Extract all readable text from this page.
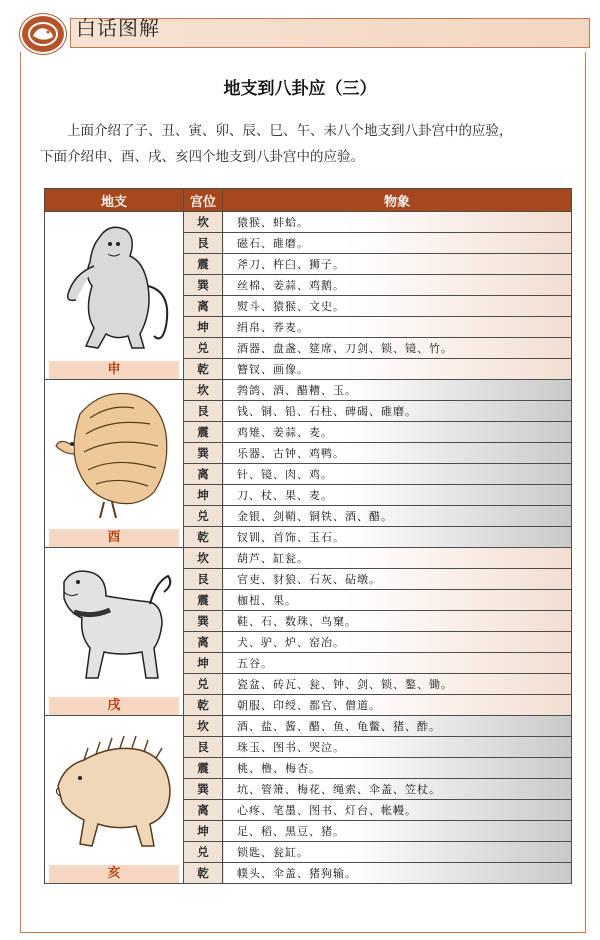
白话图解
地支到八卦应（三）

上面介绍了子、丑、寅、卯、辰、巳、午、未八个地支到八卦宫中的应验，

下面介绍申、酉、戌、亥四个地支到八卦宫中的应验。
地支	宫位	物象

申	坎	猿猴、蚌蛤。
	艮	磁石、碓磨。
	震	斧刀、杵臼、狮子。
	巽	丝棉、姜蒜、鸡鹅。
	离	熨斗、猿猴、文史。
	坤	绢帛、荞麦。
	兑	酒器、盘盏、筵席、刀剑、锁、镜、竹。
	乾	簪钗、画像。

酉	坎	鹁鸽、酒、醋糟、玉。
	艮	钱、铜、铅、石柱、碑碣、碓磨。
	震	鸡雉、姜蒜、麦。
	巽	乐器、古钟、鸡鸭。
	离	针、镜、肉、鸡。
	坤	刀、杖、果、麦。
	兑	金银、剑鞘、铜铁、酒、醋。
	乾	钗钏、首饰、玉石。

戌	坎	葫芦、缸瓮。
	艮	官吏、豺狼、石灰、砧墩。
	震	枷杻、果。
	巽	鞋、石、数珠、鸟窠。
	离	犬、驴、炉、窑冶。
	坤	五谷。
	兑	瓷盆、砖瓦、瓮、钟、剑、锁、鏊、锄。
	乾	朝服、印绶、都官、僧道。

亥	坎	酒、盐、酱、醋、鱼、龟鳖、猪、酢。
	艮	珠玉、图书、哭泣。
	震	桃、橹、梅杏。
	巽	坑、管箫、梅花、绳索、伞盖、笠杖。
	离	心疼、笔墨、图书、灯台、帐幔。
	坤	足、稻、黑豆、猪。
	兑	锁匙、瓮缸。
	乾	幞头、伞盖、猪狗输。
